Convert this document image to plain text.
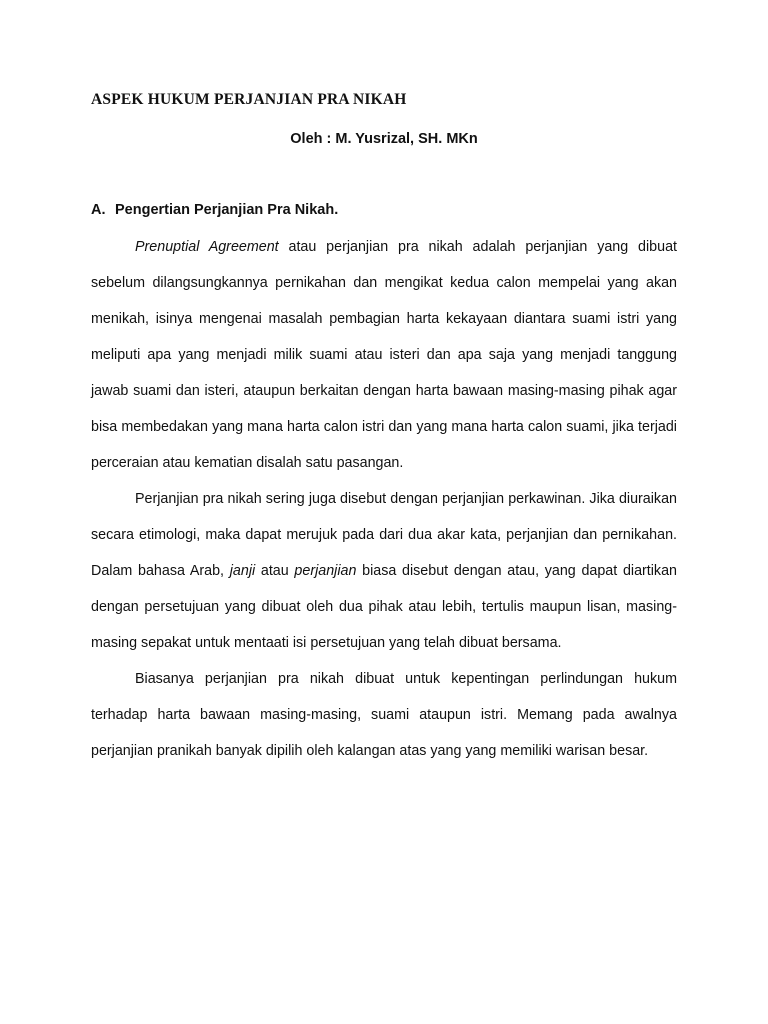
ASPEK HUKUM PERJANJIAN PRA NIKAH
Oleh : M. Yusrizal, SH. MKn
A. Pengertian Perjanjian Pra Nikah.

Prenuptial Agreement atau perjanjian pra nikah adalah perjanjian yang dibuat sebelum dilangsungkannya pernikahan dan mengikat kedua calon mempelai yang akan menikah, isinya mengenai masalah pembagian harta kekayaan diantara suami istri yang meliputi apa yang menjadi milik suami atau isteri dan apa saja yang menjadi tanggung jawab suami dan isteri, ataupun berkaitan dengan harta bawaan masing-masing pihak agar bisa membedakan yang mana harta calon istri dan yang mana harta calon suami, jika terjadi perceraian atau kematian disalah satu pasangan.

Perjanjian pra nikah sering juga disebut dengan perjanjian perkawinan. Jika diuraikan secara etimologi, maka dapat merujuk pada dari dua akar kata, perjanjian dan pernikahan. Dalam bahasa Arab, janji atau perjanjian biasa disebut dengan atau, yang dapat diartikan dengan persetujuan yang dibuat oleh dua pihak atau lebih, tertulis maupun lisan, masing-masing sepakat untuk mentaati isi persetujuan yang telah dibuat bersama.

Biasanya perjanjian pra nikah dibuat untuk kepentingan perlindungan hukum terhadap harta bawaan masing-masing, suami ataupun istri. Memang pada awalnya perjanjian pranikah banyak dipilih oleh kalangan atas yang yang memiliki warisan besar.
